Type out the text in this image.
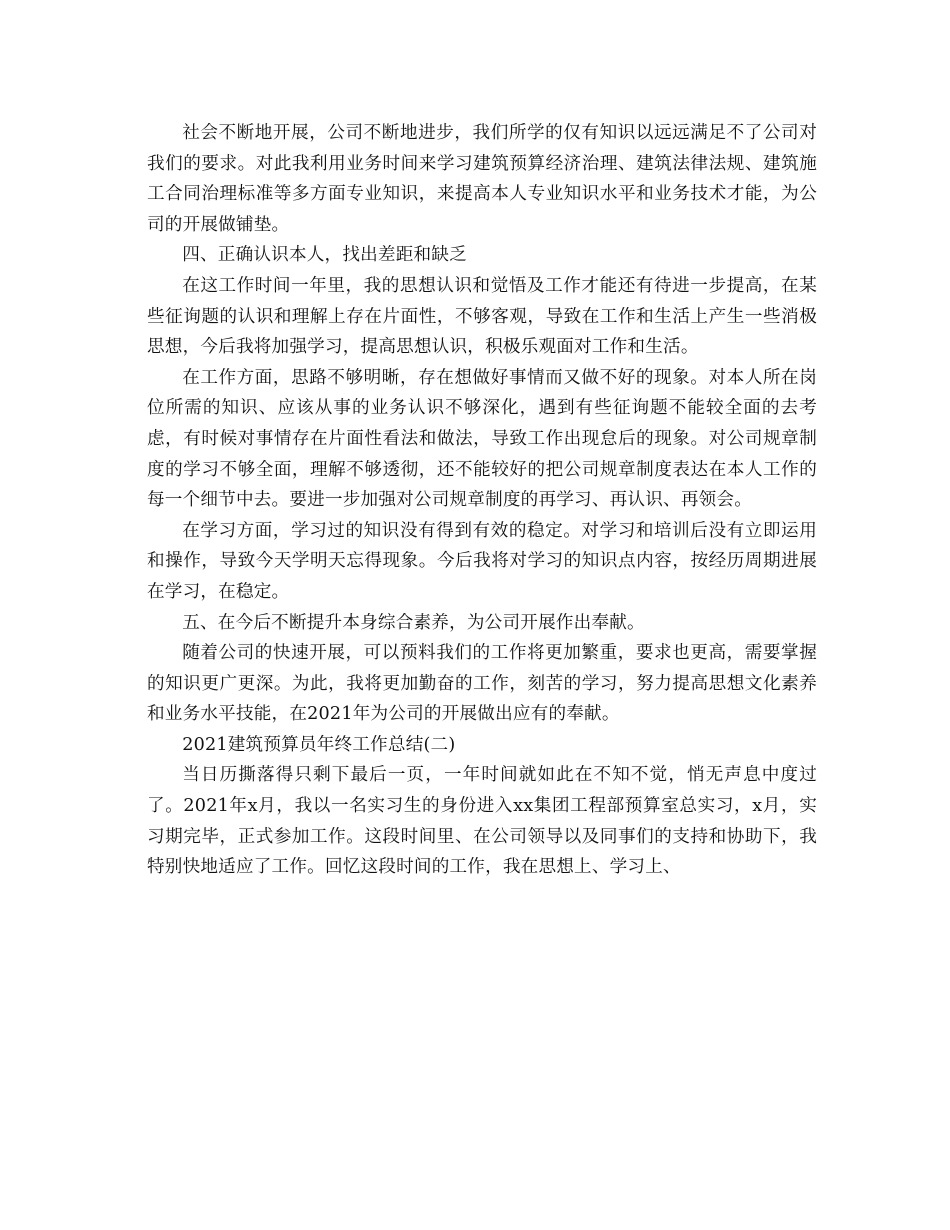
社会不断地开展，公司不断地进步，我们所学的仅有知识以远远满足不了公司对我们的要求。对此我利用业务时间来学习建筑预算经济治理、建筑法律法规、建筑施工合同治理标准等多方面专业知识，来提高本人专业知识水平和业务技术才能，为公司的开展做铺垫。

四、正确认识本人，找出差距和缺乏

在这工作时间一年里，我的思想认识和觉悟及工作才能还有待进一步提高，在某些征询题的认识和理解上存在片面性，不够客观，导致在工作和生活上产生一些消极思想，今后我将加强学习，提高思想认识，积极乐观面对工作和生活。

在工作方面，思路不够明晰，存在想做好事情而又做不好的现象。对本人所在岗位所需的知识、应该从事的业务认识不够深化，遇到有些征询题不能较全面的去考虑，有时候对事情存在片面性看法和做法，导致工作出现怠后的现象。对公司规章制度的学习不够全面，理解不够透彻，还不能较好的把公司规章制度表达在本人工作的每一个细节中去。要进一步加强对公司规章制度的再学习、再认识、再领会。

在学习方面，学习过的知识没有得到有效的稳定。对学习和培训后没有立即运用和操作，导致今天学明天忘得现象。今后我将对学习的知识点内容，按经历周期进展在学习，在稳定。

五、在今后不断提升本身综合素养，为公司开展作出奉献。

随着公司的快速开展，可以预料我们的工作将更加繁重，要求也更高，需要掌握的知识更广更深。为此，我将更加勤奋的工作，刻苦的学习，努力提高思想文化素养和业务水平技能，在2021年为公司的开展做出应有的奉献。

2021建筑预算员年终工作总结(二)

当日历撕落得只剩下最后一页，一年时间就如此在不知不觉，悄无声息中度过了。2021年x月，我以一名实习生的身份进入xx集团工程部预算室总实习，x月，实习期完毕，正式参加工作。这段时间里、在公司领导以及同事们的支持和协助下，我特别快地适应了工作。回忆这段时间的工作，我在思想上、学习上、
